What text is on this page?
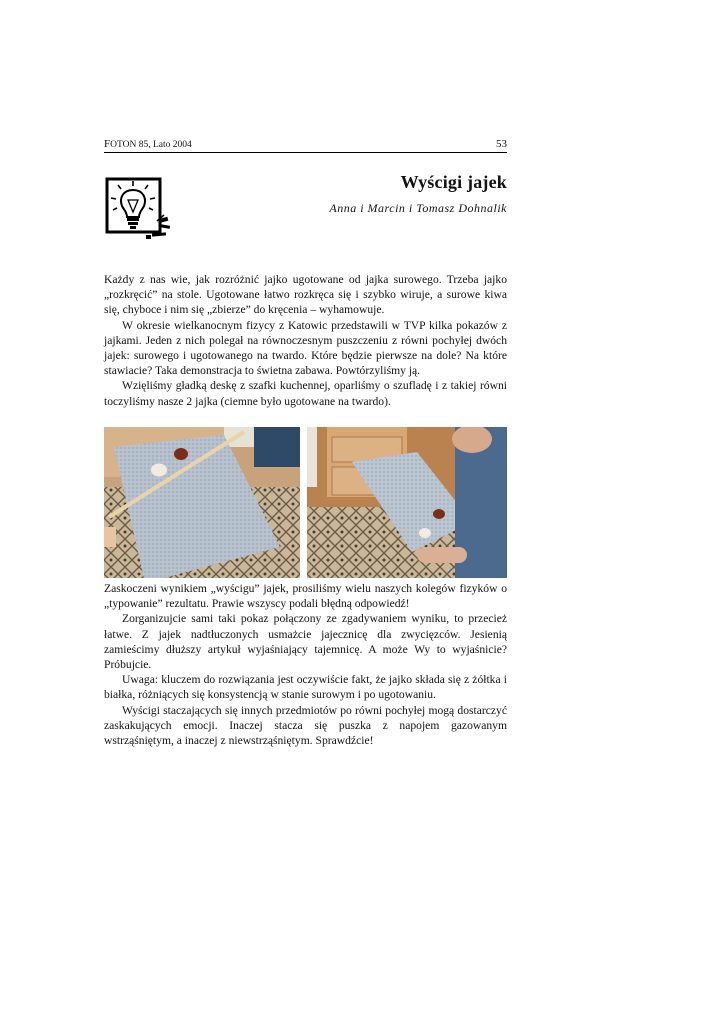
FOTON 85, Lato 2004	53
Wyścigi jajek
Anna i Marcin i Tomasz Dohnalik

Każdy z nas wie, jak rozróżnić jajko ugotowane od jajka surowego. Trzeba jajko „rozkręcić” na stole. Ugotowane łatwo rozkręca się i szybko wiruje, a surowe kiwa się, chyboce i nim się „zbierze” do kręcenia – wyhamowuje.

W okresie wielkanocnym fizycy z Katowic przedstawili w TVP kilka pokazów z jajkami. Jeden z nich polegał na równoczesnym puszczeniu z równi pochyłej dwóch jajek: surowego i ugotowanego na twardo. Które będzie pierwsze na dole? Na które stawiacie? Taka demonstracja to świetna zabawa. Powtórzyliśmy ją.

Wzięliśmy gładką deskę z szafki kuchennej, oparliśmy o szufladę i z takiej równi toczyliśmy nasze 2 jajka (ciemne było ugotowane na twardo).

Zaskoczeni wynikiem „wyścigu” jajek, prosiliśmy wielu naszych kolegów fizyków o „typowanie” rezultatu. Prawie wszyscy podali błędną odpowiedź!

Zorganizujcie sami taki pokaz połączony ze zgadywaniem wyniku, to przecież łatwe. Z jajek nadtłuczonych usmażcie jajecznicę dla zwycięzców. Jesienią zamieścimy dłuższy artykuł wyjaśniający tajemnicę. A może Wy to wyjaśnicie? Próbujcie.

Uwaga: kluczem do rozwiązania jest oczywiście fakt, że jajko składa się z żółtka i białka, różniących się konsystencją w stanie surowym i po ugotowaniu.

Wyścigi staczających się innych przedmiotów po równi pochyłej mogą dostarczyć zaskakujących emocji. Inaczej stacza się puszka z napojem gazowanym wstrząśniętym, a inaczej z niewstrząśniętym. Sprawdźcie!
